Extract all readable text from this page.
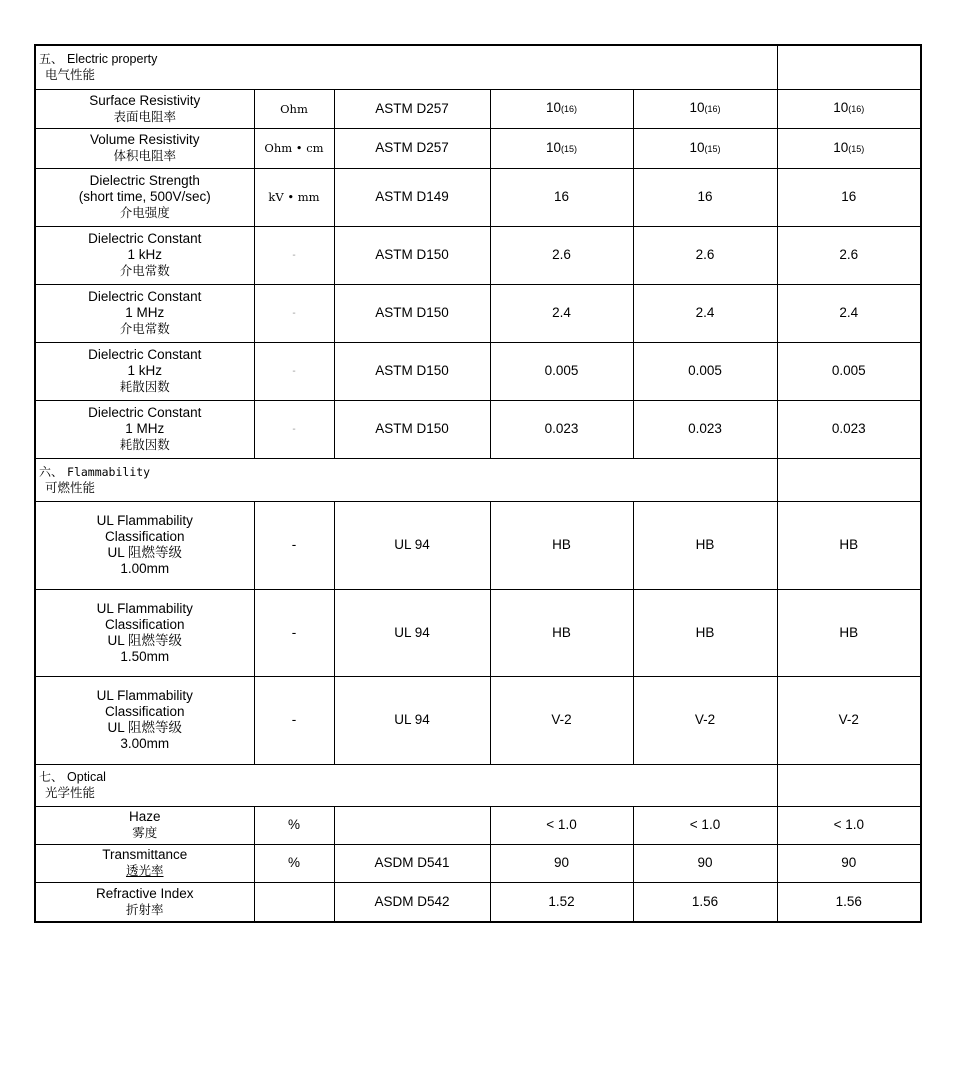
五、 Electric property
电气性能					

Surface Resistivity
表面电阻率	Ohm	ASTM D257	10(16)	10(16)	10(16)

Volume Resistivity
体积电阻率	Ohm • cm	ASTM D257	10(15)	10(15)	10(15)

Dielectric Strength
(short time, 500V/sec)
介电强度	kV • mm	ASTM D149	16	16	16

Dielectric Constant
1 kHz
介电常数	-	ASTM D150	2.6	2.6	2.6

Dielectric Constant
1 MHz
介电常数	-	ASTM D150	2.4	2.4	2.4

Dielectric Constant
1 kHz
耗散因数	-	ASTM D150	0.005	0.005	0.005

Dielectric Constant
1 MHz
耗散因数	-	ASTM D150	0.023	0.023	0.023
六、 Flammability
可燃性能					

UL Flammability
Classification
UL 阻燃等级
1.00mm	-	UL 94	HB	HB	HB

UL Flammability
Classification
UL 阻燃等级
1.50mm	-	UL 94	HB	HB	HB

UL Flammability
Classification
UL 阻燃等级
3.00mm	-	UL 94	V-2	V-2	V-2
七、 Optical
光学性能					

Haze
雾度	%		< 1.0	< 1.0	< 1.0

Transmittance
透光率	%	ASDM D541	90	90	90

Refractive Index
折射率		ASDM D542	1.52	1.56	1.56
